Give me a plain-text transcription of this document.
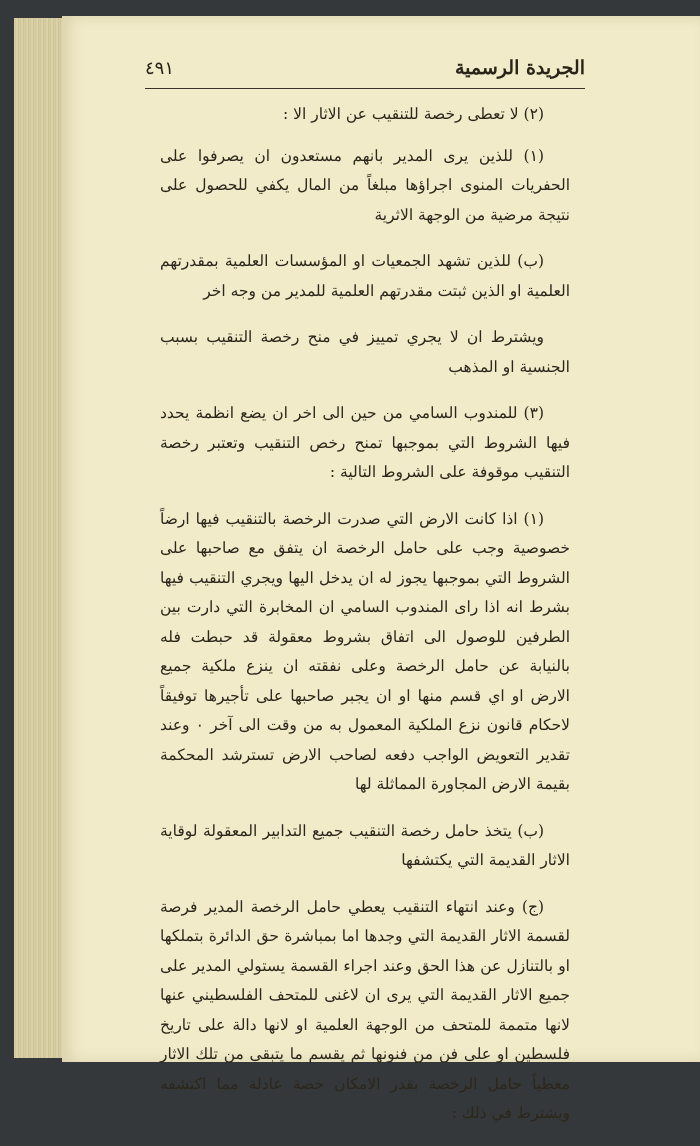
الجريدة الرسمية
٤٩١

(٢) لا تعطى رخصة للتنقيب عن الاثار الا :

(١) للذين يرى المدير بانهم مستعدون ان يصرفوا على الحفريات المنوى اجراؤها مبلغاً من المال يكفي للحصول على نتيجة مرضية من الوجهة الاثرية

(ب) للذين تشهد الجمعيات او المؤسسات العلمية بمقدرتهم العلمية او الذين ثبتت مقدرتهم العلمية للمدير من وجه اخر

ويشترط ان لا يجري تمييز في منح رخصة التنقيب بسبب الجنسية او المذهب

(٣) للمندوب السامي من حين الى اخر ان يضع انظمة يحدد فيها الشروط التي بموجبها تمنح رخص التنقيب وتعتبر رخصة التنقيب موقوفة على الشروط التالية :

(١) اذا كانت الارض التي صدرت الرخصة بالتنقيب فيها ارضاً خصوصية وجب على حامل الرخصة ان يتفق مع صاحبها على الشروط التي بموجبها يجوز له ان يدخل اليها ويجري التنقيب فيها بشرط انه اذا راى المندوب السامي ان المخابرة التي دارت بين الطرفين للوصول الى اتفاق بشروط معقولة قد حبطت فله بالنيابة عن حامل الرخصة وعلى نفقته ان ينزع ملكية جميع الارض او اي قسم منها او ان يجبر صاحبها على تأجيرها توفيقاً لاحكام قانون نزع الملكية المعمول به من وقت الى آخر ٠ وعند تقدير التعويض الواجب دفعه لصاحب الارض تسترشد المحكمة بقيمة الارض المجاورة المماثلة لها

(ب) يتخذ حامل رخصة التنقيب جميع التدابير المعقولة لوقاية الاثار القديمة التي يكتشفها

(ج) وعند انتهاء التنقيب يعطي حامل الرخصة المدير فرصة لقسمة الاثار القديمة التي وجدها اما بمباشرة حق الدائرة بتملكها او بالتنازل عن هذا الحق وعند اجراء القسمة يستولي المدير على جميع الاثار القديمة التي يرى ان لاغنى للمتحف الفلسطيني عنها لانها متممة للمتحف من الوجهة العلمية او لانها دالة على تاريخ فلسطين او على فن من فنونها ثم يقسم ما يتبقى من تلك الاثار معطياً حامل الرخصة بقدر الامكان حصة عادلة مما اكتشفه ويشترط في ذلك :
